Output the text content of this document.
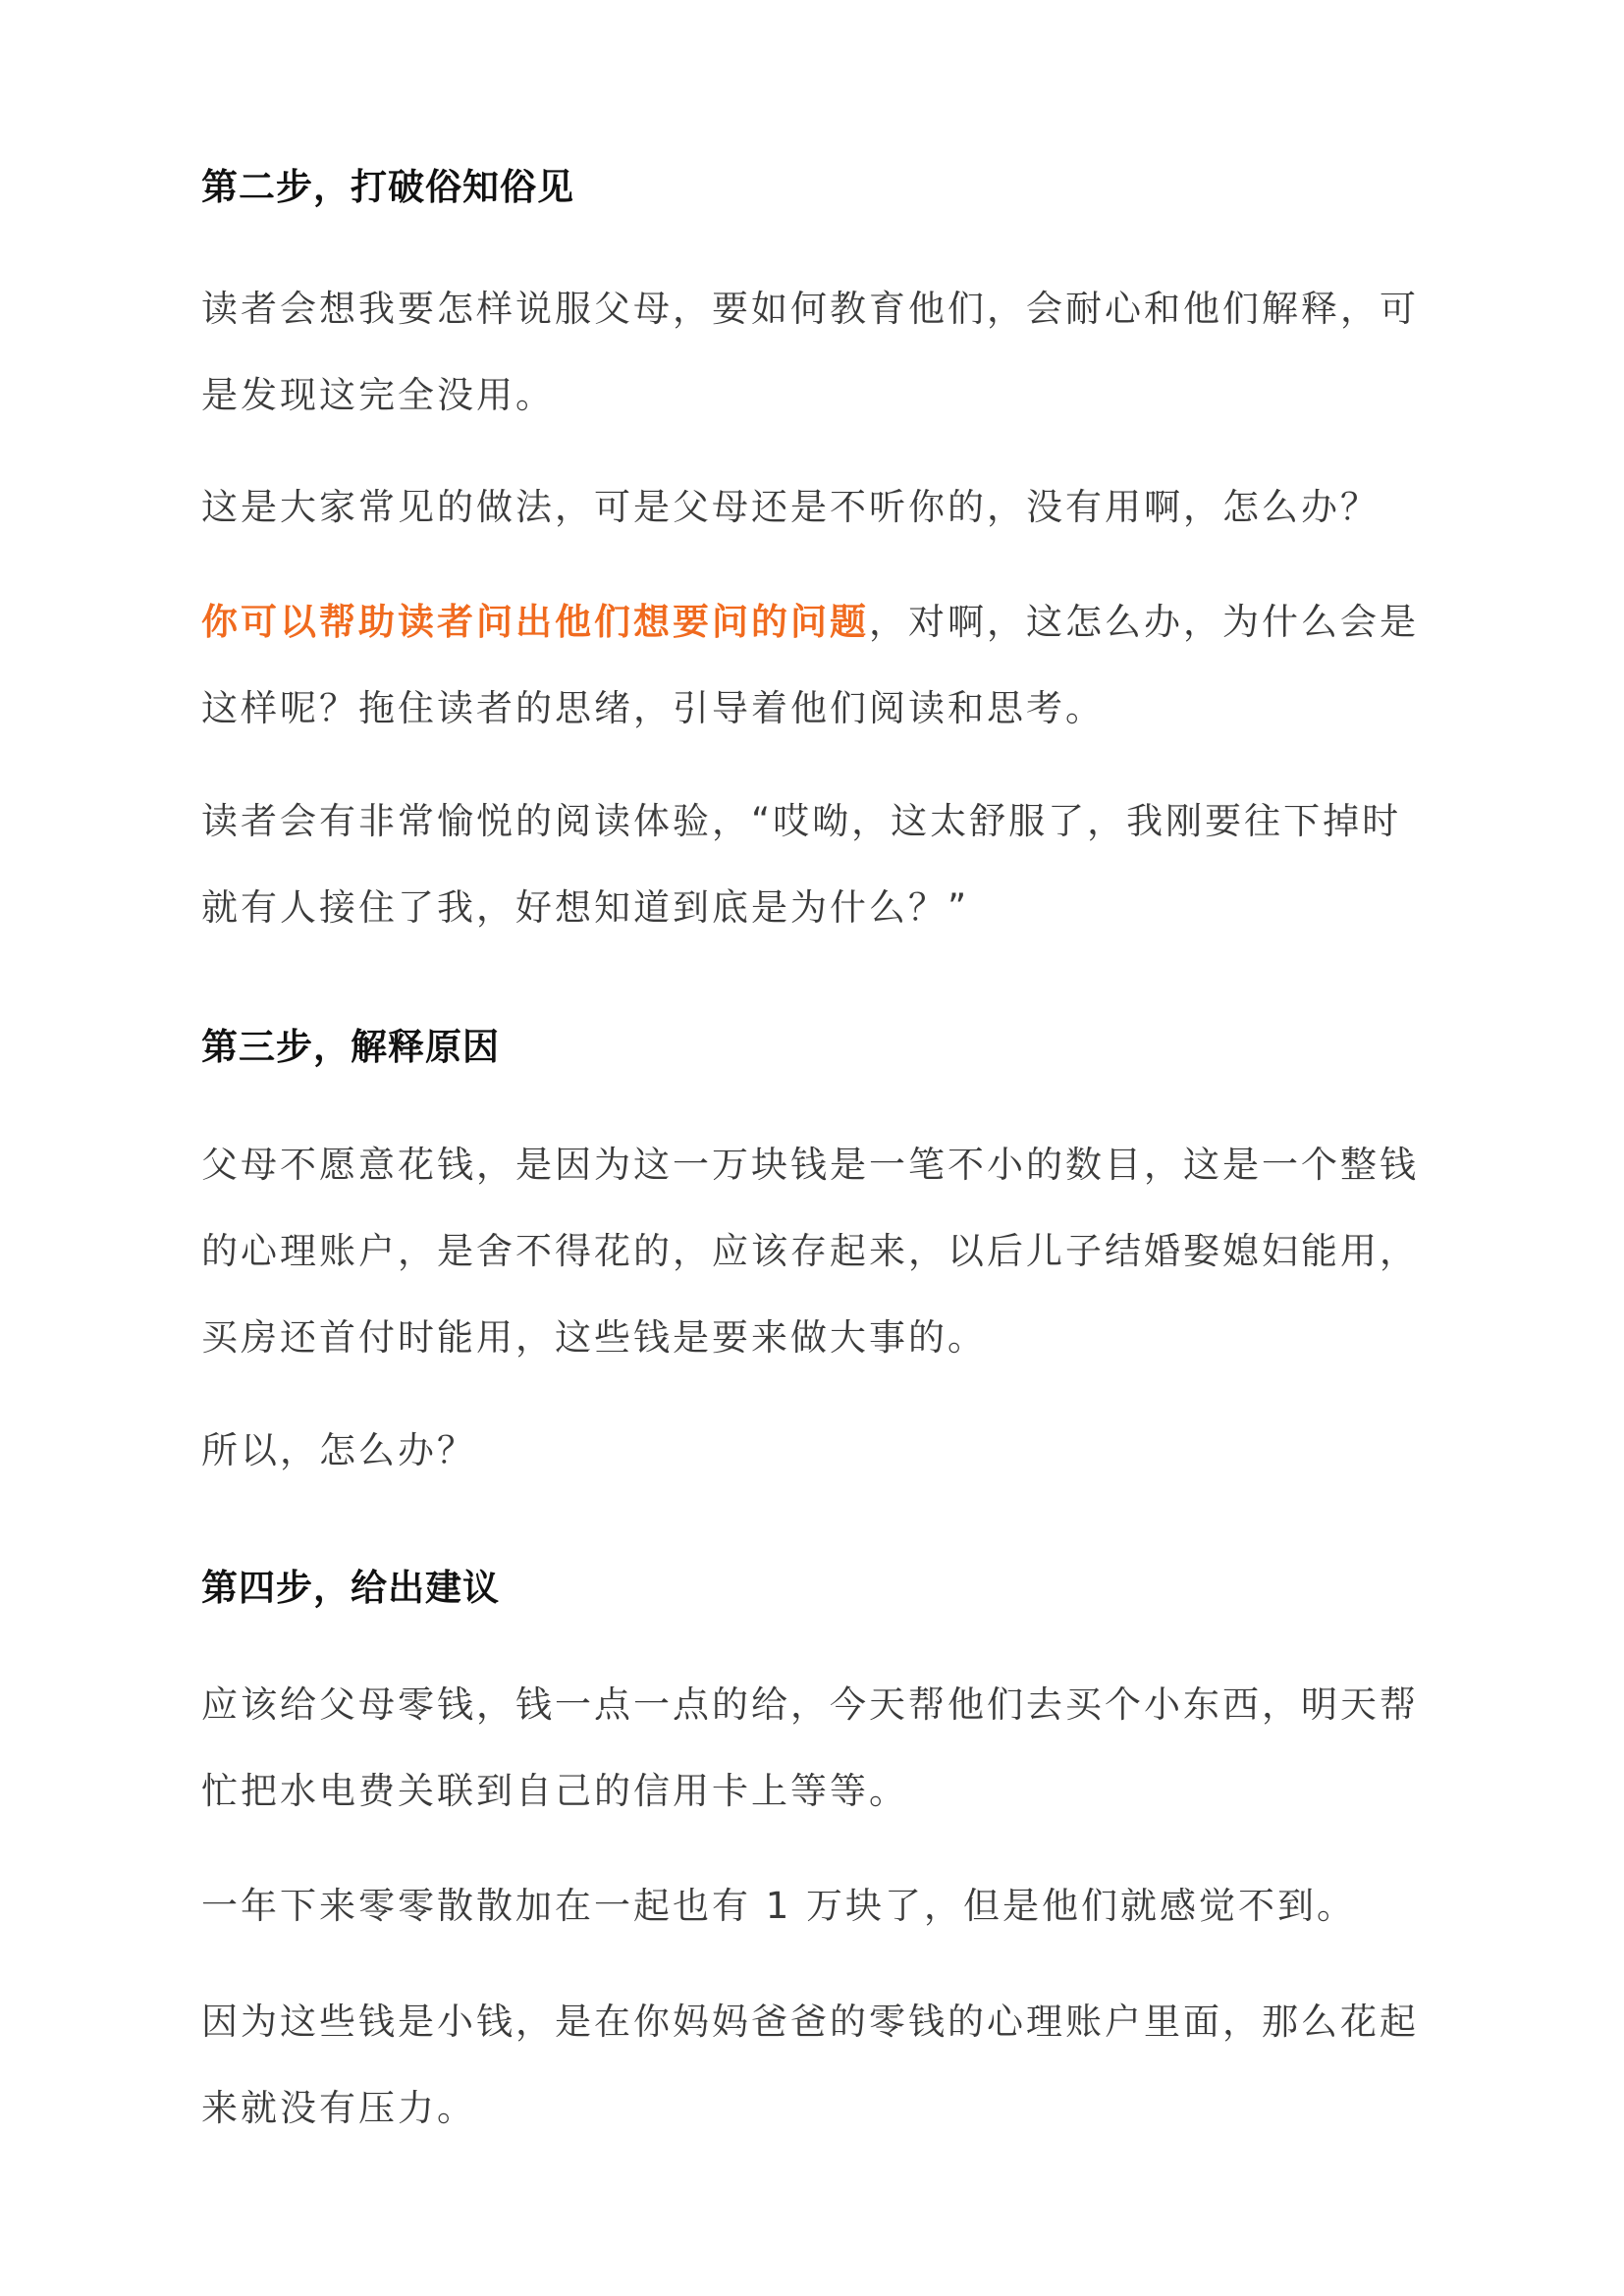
第二步，打破俗知俗见

读者会想我要怎样说服父母，要如何教育他们，会耐心和他们解释，可是发现这完全没用。

这是大家常见的做法，可是父母还是不听你的，没有用啊，怎么办？

你可以帮助读者问出他们想要问的问题，对啊，这怎么办，为什么会是这样呢？拖住读者的思绪，引导着他们阅读和思考。

读者会有非常愉悦的阅读体验，“哎呦，这太舒服了，我刚要往下掉时就有人接住了我，好想知道到底是为什么？”

第三步，解释原因

父母不愿意花钱，是因为这一万块钱是一笔不小的数目，这是一个整钱的心理账户，是舍不得花的，应该存起来，以后儿子结婚娶媳妇能用，买房还首付时能用，这些钱是要来做大事的。

所以，怎么办？

第四步，给出建议

应该给父母零钱，钱一点一点的给，今天帮他们去买个小东西，明天帮忙把水电费关联到自己的信用卡上等等。

一年下来零零散散加在一起也有 1 万块了，但是他们就感觉不到。

因为这些钱是小钱，是在你妈妈爸爸的零钱的心理账户里面，那么花起来就没有压力。
